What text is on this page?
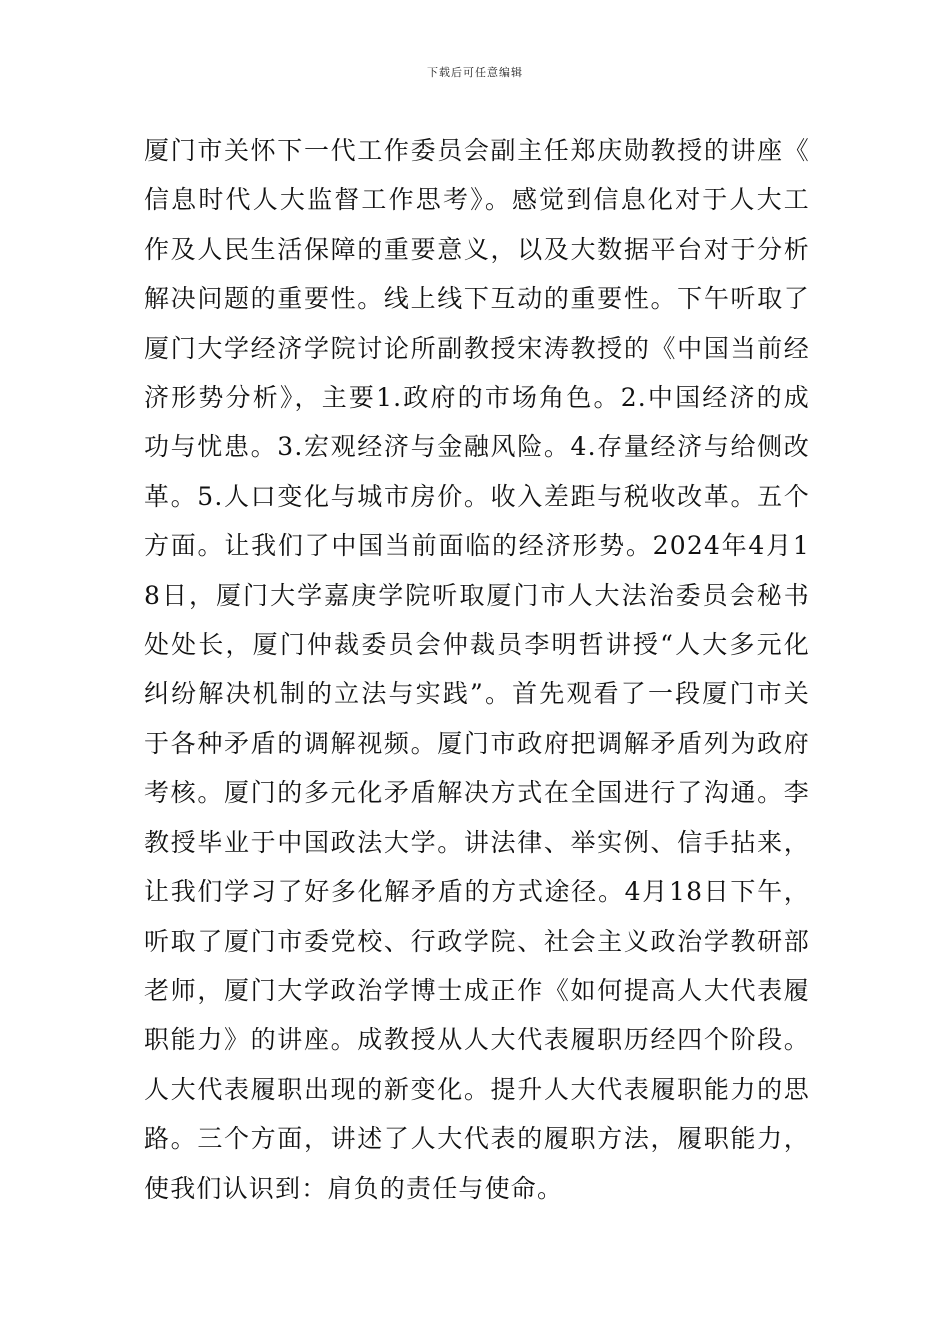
下载后可任意编辑

厦门市关怀下一代工作委员会副主任郑庆勋教授的讲座《信息时代人大监督工作思考》。感觉到信息化对于人大工作及人民生活保障的重要意义，以及大数据平台对于分析解决问题的重要性。线上线下互动的重要性。下午听取了厦门大学经济学院讨论所副教授宋涛教授的《中国当前经济形势分析》，主要1.政府的市场角色。2.中国经济的成功与忧患。3.宏观经济与金融风险。4.存量经济与给侧改革。5.人口变化与城市房价。收入差距与税收改革。五个方面。让我们了中国当前面临的经济形势。2024年4月18日，厦门大学嘉庚学院听取厦门市人大法治委员会秘书处处长，厦门仲裁委员会仲裁员李明哲讲授“人大多元化纠纷解决机制的立法与实践”。首先观看了一段厦门市关于各种矛盾的调解视频。厦门市政府把调解矛盾列为政府考核。厦门的多元化矛盾解决方式在全国进行了沟通。李教授毕业于中国政法大学。讲法律、举实例、信手拈来，让我们学习了好多化解矛盾的方式途径。4月18日下午，听取了厦门市委党校、行政学院、社会主义政治学教研部老师，厦门大学政治学博士成正作《如何提高人大代表履职能力》的讲座。成教授从人大代表履职历经四个阶段。人大代表履职出现的新变化。提升人大代表履职能力的思路。三个方面，讲述了人大代表的履职方法，履职能力，使我们认识到：肩负的责任与使命。
